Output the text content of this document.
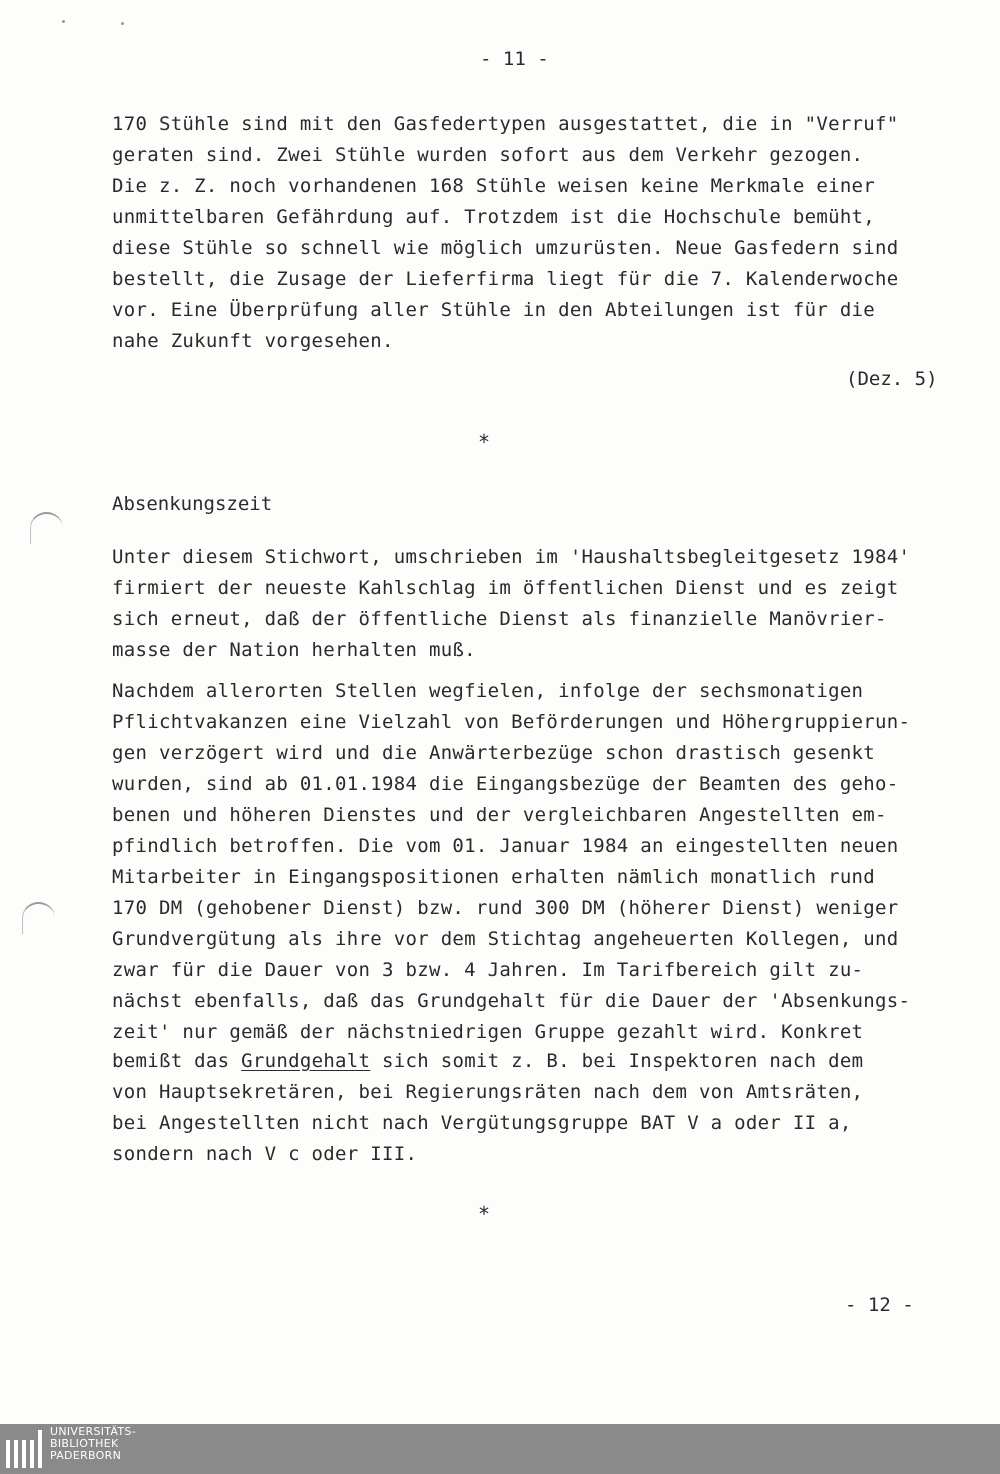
- 11 -
170 Stühle sind mit den Gasfedertypen ausgestattet, die in "Verruf"
geraten sind. Zwei Stühle wurden sofort aus dem Verkehr gezogen.
Die z. Z. noch vorhandenen 168 Stühle weisen keine Merkmale einer
unmittelbaren Gefährdung auf. Trotzdem ist die Hochschule bemüht,
diese Stühle so schnell wie möglich umzurüsten. Neue Gasfedern sind
bestellt, die Zusage der Lieferfirma liegt für die 7. Kalenderwoche
vor. Eine Überprüfung aller Stühle in den Abteilungen ist für die
nahe Zukunft vorgesehen.
(Dez. 5)
*
Absenkungszeit
Unter diesem Stichwort, umschrieben im 'Haushaltsbegleitgesetz 1984'
firmiert der neueste Kahlschlag im öffentlichen Dienst und es zeigt
sich erneut, daß der öffentliche Dienst als finanzielle Manövrier-
masse der Nation herhalten muß.
Nachdem allerorten Stellen wegfielen, infolge der sechsmonatigen
Pflichtvakanzen eine Vielzahl von Beförderungen und Höhergruppierun-
gen verzögert wird und die Anwärterbezüge schon drastisch gesenkt
wurden, sind ab 01.01.1984 die Eingangsbezüge der Beamten des geho-
benen und höheren Dienstes und der vergleichbaren Angestellten em-
pfindlich betroffen. Die vom 01. Januar 1984 an eingestellten neuen
Mitarbeiter in Eingangspositionen erhalten nämlich monatlich rund
170 DM (gehobener Dienst) bzw. rund 300 DM (höherer Dienst) weniger
Grundvergütung als ihre vor dem Stichtag angeheuerten Kollegen, und
zwar für die Dauer von 3 bzw. 4 Jahren. Im Tarifbereich gilt zu-
nächst ebenfalls, daß das Grundgehalt für die Dauer der 'Absenkungs-
zeit' nur gemäß der nächstniedrigen Gruppe gezahlt wird. Konkret
bemißt das Grundgehalt sich somit z. B. bei Inspektoren nach dem
von Hauptsekretären, bei Regierungsräten nach dem von Amtsräten,
bei Angestellten nicht nach Vergütungsgruppe BAT V a oder II a,
sondern nach V c oder III.
*
- 12 -
UNIVERSITÄTS-
BIBLIOTHEK
PADERBORN
